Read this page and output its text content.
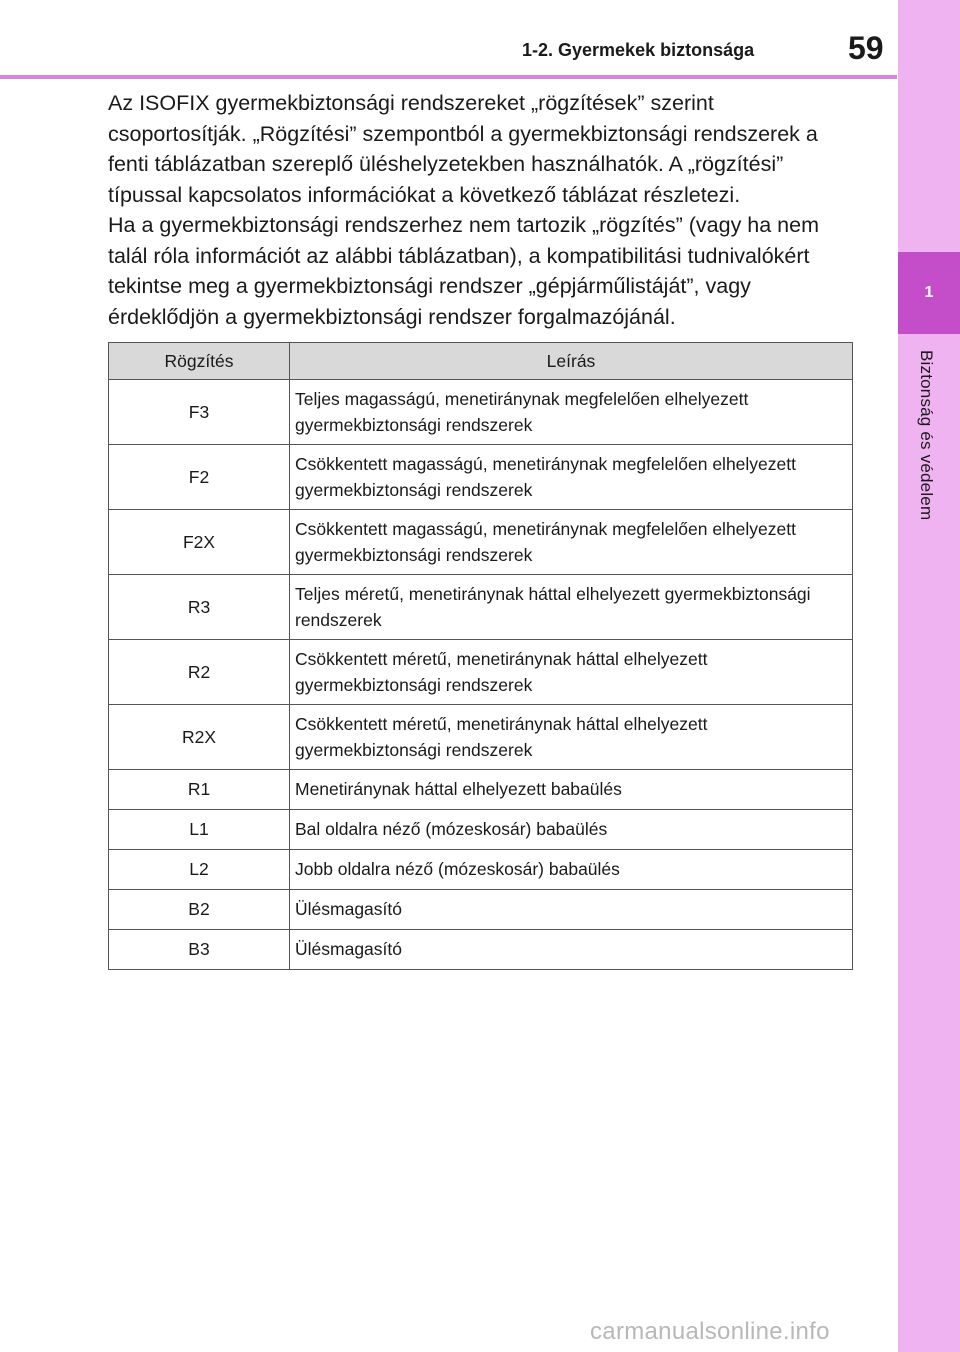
1-2. Gyermekek biztonsága	59
1
Biztonság és védelem

Az ISOFIX gyermekbiztonsági rendszereket „rögzítések” szerint csoportosítják. „Rögzítési” szempontból a gyermekbiztonsági rendszerek a fenti táblázatban szereplő üléshelyzetekben használhatók. A „rögzítési” típussal kapcsolatos információkat a következő táblázat részletezi.

Ha a gyermekbiztonsági rendszerhez nem tartozik „rögzítés” (vagy ha nem talál róla információt az alábbi táblázatban), a kompatibilitási tudnivalókért tekintse meg a gyermekbiztonsági rendszer „gépjárműlistáját”, vagy érdeklődjön a gyermekbiztonsági rendszer forgalmazójánál.

Rögzítés	Leírás
F3	Teljes magasságú, menetiránynak megfelelően elhelyezett gyermekbiztonsági rendszerek
F2	Csökkentett magasságú, menetiránynak megfelelően elhelyezett gyermekbiztonsági rendszerek
F2X	Csökkentett magasságú, menetiránynak megfelelően elhelyezett gyermekbiztonsági rendszerek
R3	Teljes méretű, menetiránynak háttal elhelyezett gyermekbiztonsági rendszerek
R2	Csökkentett méretű, menetiránynak háttal elhelyezett gyermekbiztonsági rendszerek
R2X	Csökkentett méretű, menetiránynak háttal elhelyezett gyermekbiztonsági rendszerek
R1	Menetiránynak háttal elhelyezett babaülés
L1	Bal oldalra néző (mózeskosár) babaülés
L2	Jobb oldalra néző (mózeskosár) babaülés
B2	Ülésmagasító
B3	Ülésmagasító
carmanualsonline.info
